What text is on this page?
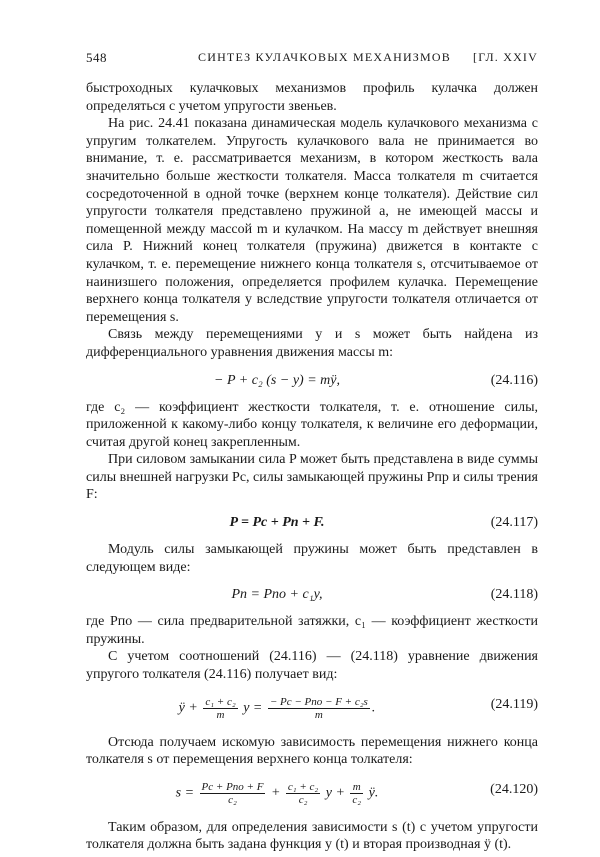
548	СИНТЕЗ КУЛАЧКОВЫХ МЕХАНИЗМОВ [ГЛ. XXIV

быстроходных кулачковых механизмов профиль кулачка должен определяться с учетом упругости звеньев.

На рис. 24.41 показана динамическая модель кулачкового механизма с упругим толкателем. Упругость кулачкового вала не принимается во внимание, т. е. рассматривается механизм, в котором жесткость вала значительно больше жесткости толкателя. Масса толкателя m считается сосредоточенной в одной точке (верхнем конце толкателя). Действие сил упругости толкателя представлено пружиной a, не имеющей массы и помещенной между массой m и кулачком. На массу m действует внешняя сила P. Нижний конец толкателя (пружина) движется в контакте с кулачком, т. е. перемещение нижнего конца толкателя s, отсчитываемое от наинизшего положения, определяется профилем кулачка. Перемещение верхнего конца толкателя y вследствие упругости толкателя отличается от перемещения s.

Связь между перемещениями y и s может быть найдена из дифференциального уравнения движения массы m:

− P + c₂ (s − y) = mÿ,	(24.116)

где c₂ — коэффициент жесткости толкателя, т. е. отношение силы, приложенной к какому-либо концу толкателя, к величине его деформации, считая другой конец закрепленным.

При силовом замыкании сила P может быть представлена в виде суммы силы внешней нагрузки Pс, силы замыкающей пружины Pпр и силы трения F:

P = Pс + Pп + F.	(24.117)

Модуль силы замыкающей пружины может быть представлен в следующем виде:

Pп = Pпо + c₁y,	(24.118)

где Pпо — сила предварительной затяжки, c₁ — коэффициент жесткости пружины.

С учетом соотношений (24.116) — (24.118) уравнение движения упругого толкателя (24.116) получает вид:

ÿ + $\frac{\text{c₁ + c₂}}{m}$ $y = \frac{\text{− Pс − Pпо − F + c₂s}}{m}$ .	(24.119)

Отсюда получаем искомую зависимость перемещения нижнего конца толкателя s от перемещения верхнего конца толкателя:

$s = \frac{\text{Pс + Pпо + F}}{\text{c₂}} + \frac{\text{c₁ + c₂}}{\text{c₂}}$ $y + \frac{m}{\text{c₂}}$ ÿ.	(24.120)

Таким образом, для определения зависимости s (t) с учетом упругости толкателя должна быть задана функция y (t) и вторая производная ÿ (t).
